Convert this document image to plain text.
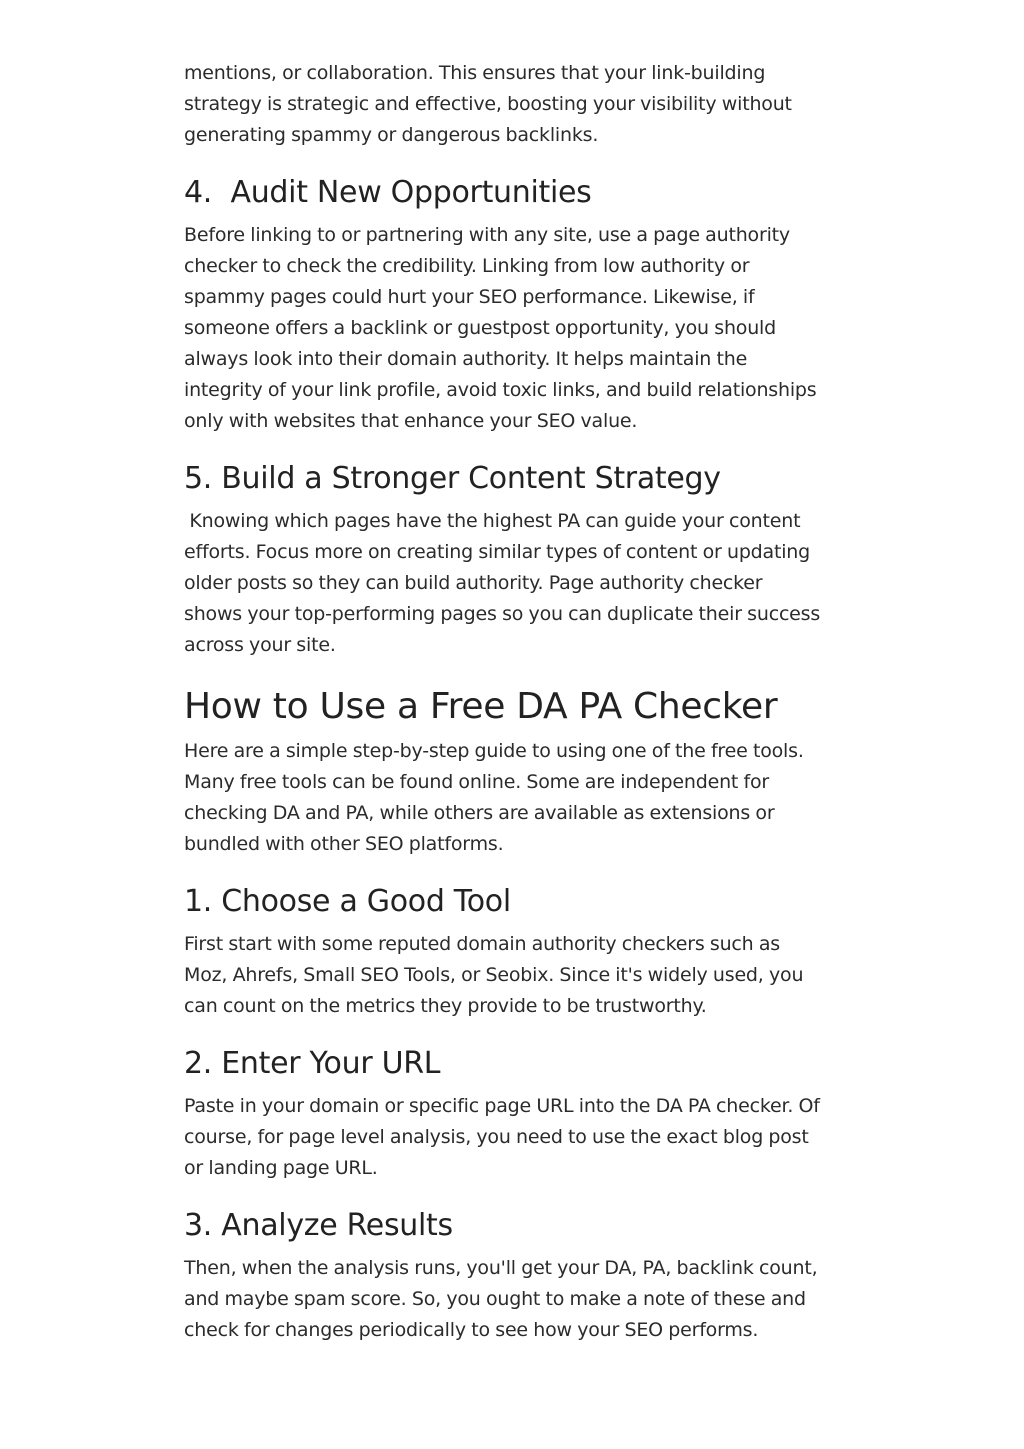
mentions, or collaboration. This ensures that your link-building strategy is strategic and effective, boosting your visibility without generating spammy or dangerous backlinks.

4.  Audit New Opportunities

Before linking to or partnering with any site, use a page authority checker to check the credibility. Linking from low authority or spammy pages could hurt your SEO performance. Likewise, if someone offers a backlink or guestpost opportunity, you should always look into their domain authority. It helps maintain the integrity of your link profile, avoid toxic links, and build relationships only with websites that enhance your SEO value.

5. Build a Stronger Content Strategy

Knowing which pages have the highest PA can guide your content efforts. Focus more on creating similar types of content or updating older posts so they can build authority. Page authority checker shows your top-performing pages so you can duplicate their success across your site.

How to Use a Free DA PA Checker

Here are a simple step-by-step guide to using one of the free tools. Many free tools can be found online. Some are independent for checking DA and PA, while others are available as extensions or bundled with other SEO platforms.

1. Choose a Good Tool

First start with some reputed domain authority checkers such as Moz, Ahrefs, Small SEO Tools, or Seobix. Since it's widely used, you can count on the metrics they provide to be trustworthy.

2. Enter Your URL

Paste in your domain or specific page URL into the DA PA checker. Of course, for page level analysis, you need to use the exact blog post or landing page URL.

3. Analyze Results

Then, when the analysis runs, you'll get your DA, PA, backlink count, and maybe spam score. So, you ought to make a note of these and check for changes periodically to see how your SEO performs.
